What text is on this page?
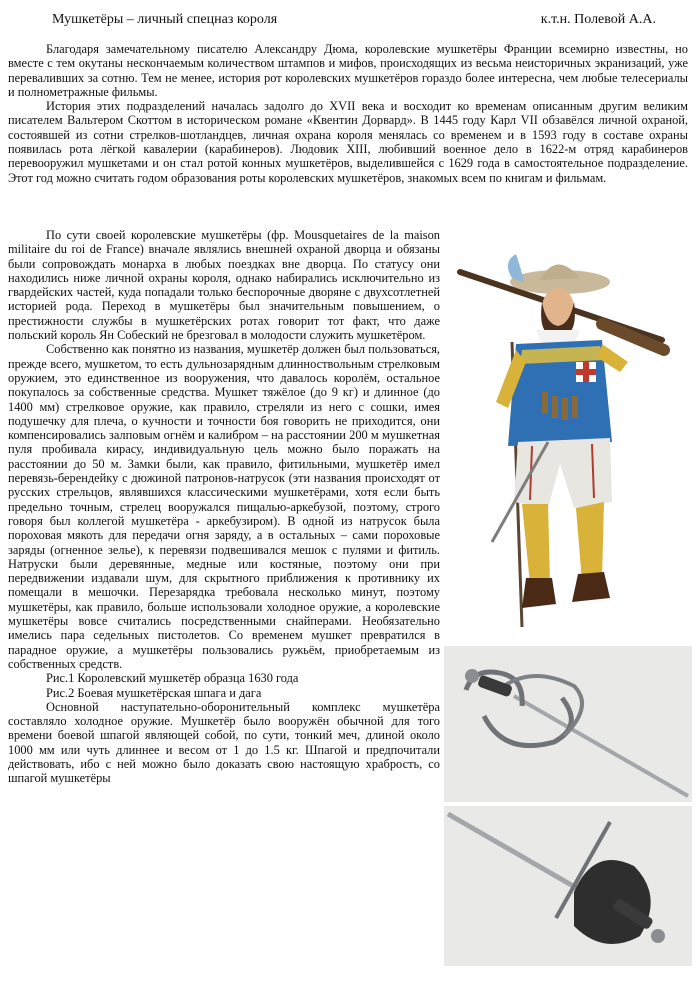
Мушкетёры – личный спецназ короля	к.т.н. Полевой А.А.

Благодаря замечательному писателю Александру Дюма, королевские мушкетёры Франции всемирно известны, но вместе с тем окутаны нескончаемым количеством штампов и мифов, происходящих из весьма неисторичных экранизаций, уже переваливших за сотню. Тем не менее, история рот королевских мушкетёров гораздо более интересна, чем любые телесериалы и полнометражные фильмы.

История этих подразделений началась задолго до XVII века и восходит ко временам описанным другим великим писателем Вальтером Скоттом в историческом романе «Квентин Дорвард». В 1445 году Карл VII обзавёлся личной охраной, состоявшей из сотни стрелков-шотландцев, личная охрана короля менялась со временем и в 1593 году в составе охраны появилась рота лёгкой кавалерии (карабинеров). Людовик XIII, любивший военное дело в 1622-м отряд карабинеров перевооружил мушкетами и он стал ротой конных мушкетёров, выделившейся с 1629 года в самостоятельное подразделение. Этот год можно считать годом образования роты королевских мушкетёров, знакомых всем по книгам и фильмам.

По сути своей королевские мушкетёры (фр. Mousquetaires de la maison militaire du roi de France) вначале являлись внешней охраной дворца и обязаны были сопровождать монарха в любых поездках вне дворца. По статусу они находились ниже личной охраны короля, однако набирались исключительно из гвардейских частей, куда попадали только беспорочные дворяне с двухсотлетней историей рода. Переход в мушкетёры был значительным повышением, о престижности службы в мушкетёрских ротах говорит тот факт, что даже польский король Ян Собеский не брезговал в молодости служить мушкетёром.

Собственно как понятно из названия, мушкетёр должен был пользоваться, прежде всего, мушкетом, то есть дульнозарядным длинноствольным стрелковым оружием, это единственное из вооружения, что давалось королём, остальное покупалось за собственные средства. Мушкет тяжёлое (до 9 кг) и длинное (до 1400 мм) стрелковое оружие, как правило, стреляли из него с сошки, имея подушечку для плеча, о кучности и точности боя говорить не приходится, они компенсировались залповым огнём и калибром – на расстоянии 200 м мушкетная пуля пробивала кирасу, индивидуальную цель можно было поражать на расстоянии до 50 м. Замки были, как правило, фитильными, мушкетёр имел перевязь-берендейку с дюжиной патронов-натрусок (эти названия происходят от русских стрельцов, являвшихся классическими мушкетёрами, хотя если быть предельно точным, стрелец вооружался пищалью-аркебузой, поэтому, строго говоря был коллегой мушкетёра - аркебузиром). В одной из натрусок была пороховая мякоть для передачи огня заряду, а в остальных – сами пороховые заряды (огненное зелье), к перевязи подвешивался мешок с пулями и фитиль. Натруски были деревянные, медные или костяные, поэтому они при передвижении издавали шум, для скрытного приближения к противнику их помещали в мешочки. Перезарядка требовала несколько минут, поэтому мушкетёры, как правило, больше использовали холодное оружие, а королевские мушкетёры вовсе считались посредственными снайперами. Необязательно имелись пара седельных пистолетов. Со временем мушкет превратился в парадное оружие, а мушкетёры пользовались ружьём, приобретаемым из собственных средств.

Рис.1 Королевский мушкетёр образца 1630 года

Рис.2 Боевая мушкетёрская шпага и дага

Основной наступательно-оборонительный комплекс мушкетёра составляло холодное оружие. Мушкетёр было вооружён обычной для того времени боевой шпагой являющей собой, по сути, тонкий меч, длиной около 1000 мм или чуть длиннее и весом от 1 до 1.5 кг. Шпагой и предпочитали действовать, ибо с ней можно было доказать свою настоящую храбрость, со шпагой мушкетёры
